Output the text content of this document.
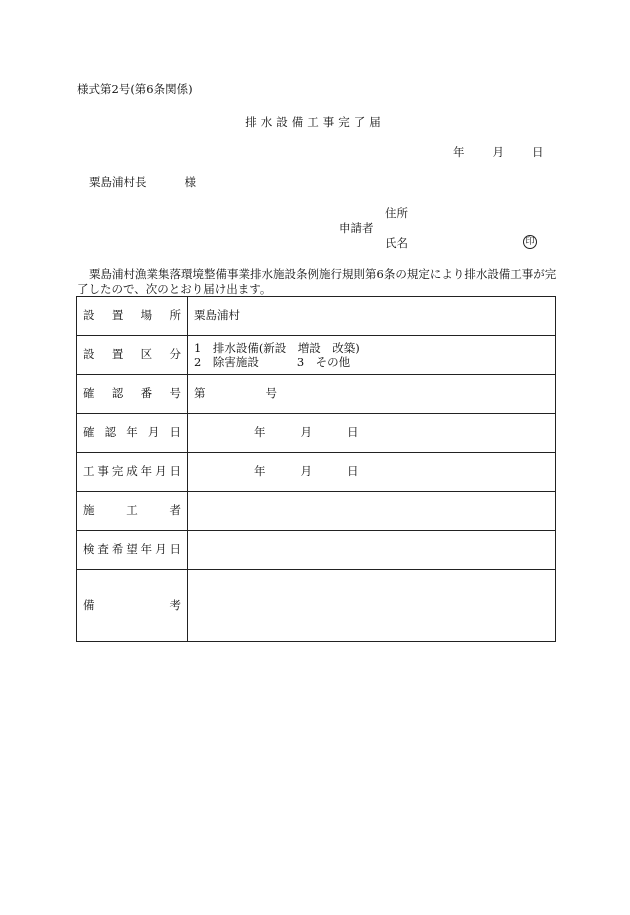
様式第2号(第6条関係)
排水設備工事完了届
年 月 日
粟島浦村長	様
住所
申請者
氏名	印
粟島浦村漁業集落環境整備事業排水施設条例施行規則第6条の規定により排水設備工事が完了したので、次のとおり届け出ます。
設置場所	粟島浦村
設置区分	1　排水設備(新設　増設　改築)
2　除害施設 3　その他

確認番号	第 号
確認年月日	年 月 日
工事完成年月日	年 月 日
施工者	
検査希望年月日	
備考	
